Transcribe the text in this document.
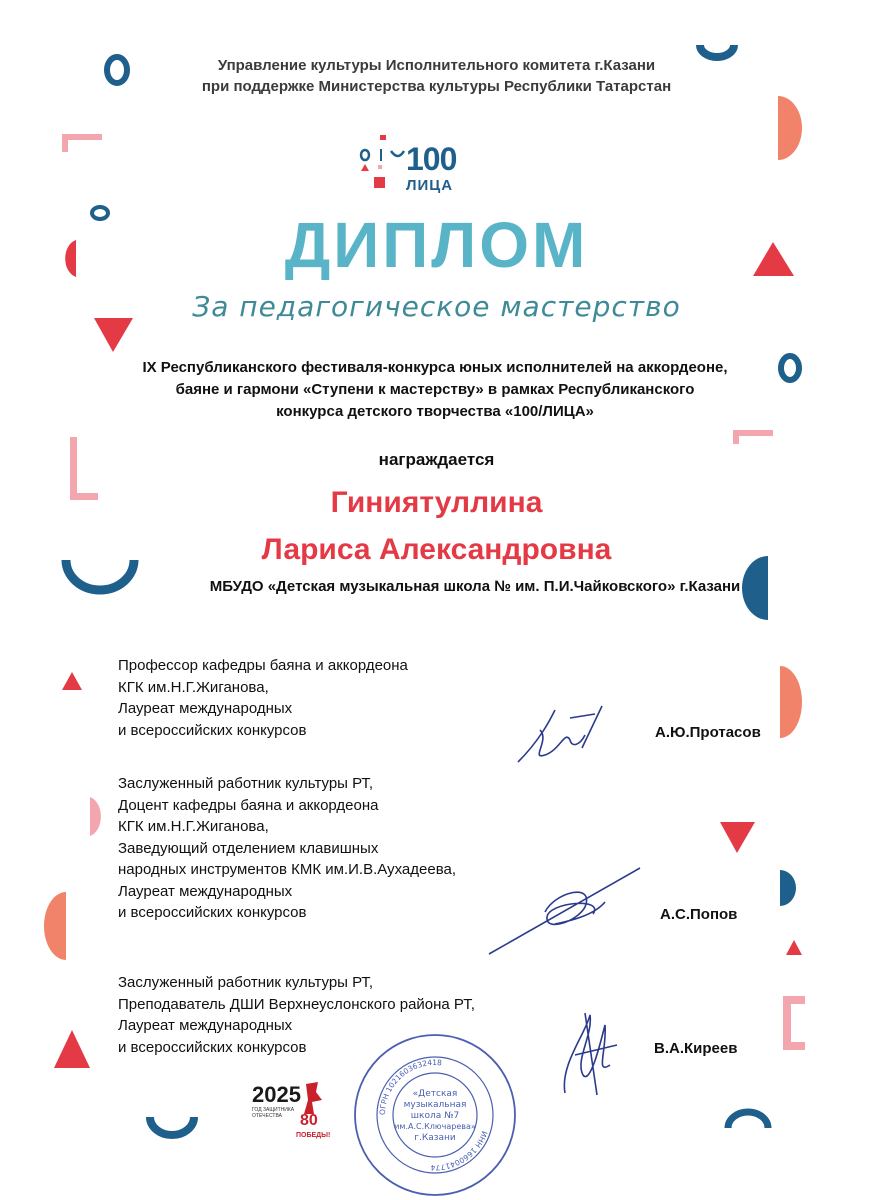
Управление культуры Исполнительного комитета г.Казани
при поддержке Министерства культуры Республики Татарстан
100
ЛИЦА
ДИПЛОМ
За педагогическое мастерство
IX Республиканского фестиваля-конкурса юных исполнителей на аккордеоне,
баяне и гармони «Ступени к мастерству» в рамках Республиканского
конкурса детского творчества «100/ЛИЦА»
награждается
Гиниятуллина
Лариса Александровна
МБУДО «Детская музыкальная школа № им. П.И.Чайковского» г.Казани
Профессор кафедры баяна и аккордеона
КГК им.Н.Г.Жиганова,
Лауреат международных
и всероссийских конкурсов	А.Ю.Протасов
Заслуженный работник культуры РТ,
Доцент кафедры баяна и аккордеона
КГК им.Н.Г.Жиганова,
Заведующий отделением клавишных
народных инструментов КМК им.И.В.Аухадеева,
Лауреат международных
и всероссийских конкурсов	А.С.Попов
Заслуженный работник культуры РТ,
Преподаватель ДШИ Верхнеуслонского района РТ,
Лауреат международных
и всероссийских конкурсов	В.А.Киреев
2025
ГОД ЗАЩИТНИКА ОТЕЧЕСТВА	80
ПОБЕДЫ!
ОГРН 1021603632418
ИНН 1660041774
«Детская
музыкальная
школа №7
им.А.С.Ключарева»
г.Казани
